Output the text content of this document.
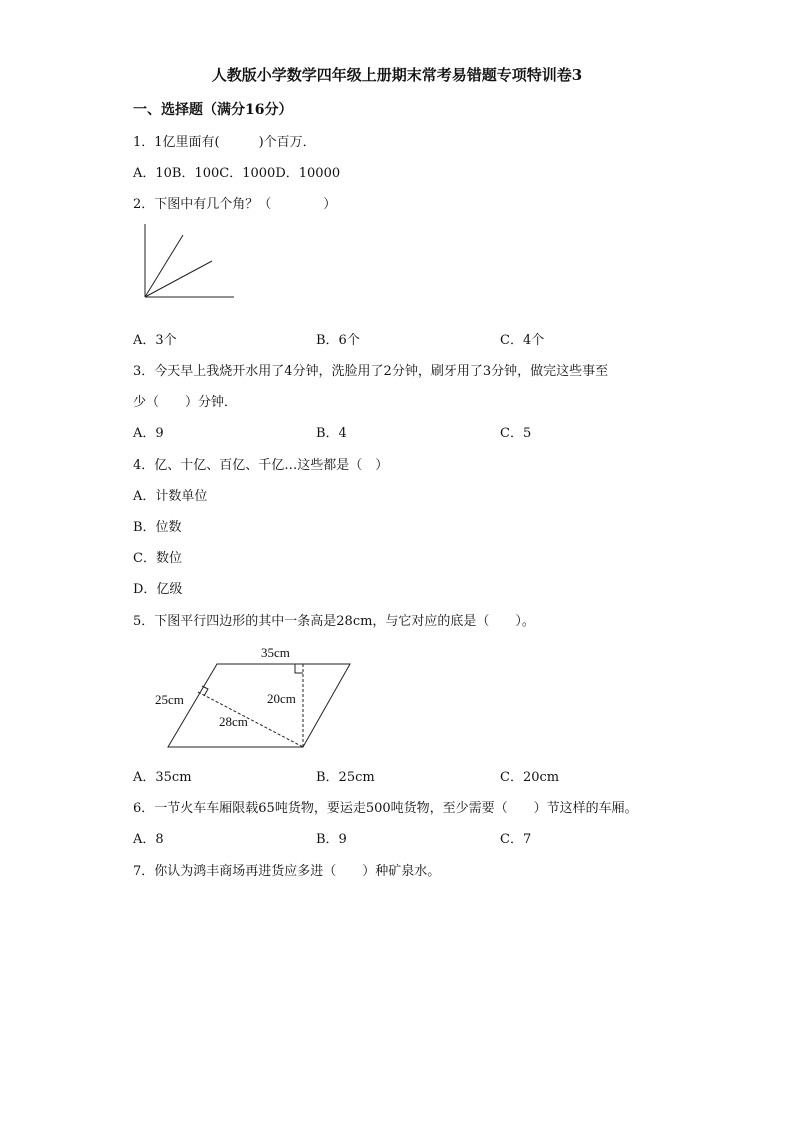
人教版小学数学四年级上册期末常考易错题专项特训卷3
一、选择题（满分16分）
1．1亿里面有(　　　)个百万．
A．10B．100C．1000D．10000
2．下图中有几个角？（　　　　）
A．3个	B．6个	C．4个
3．今天早上我烧开水用了4分钟，洗脸用了2分钟，刷牙用了3分钟，做完这些事至
少（　　）分钟．
A．9	B．4	C．5
4．亿、十亿、百亿、千亿…这些都是（　）
A．计数单位
B．位数
C．数位
D．亿级
5．下图平行四边形的其中一条高是28cm，与它对应的底是（　　）。
35cm
25cm	20cm
28cm
A．35cm	B．25cm	C．20cm
6．一节火车车厢限载65吨货物，要运走500吨货物，至少需要（　　）节这样的车厢。
A．8	B．9	C．7
7．你认为鸿丰商场再进货应多进（　　）种矿泉水。
